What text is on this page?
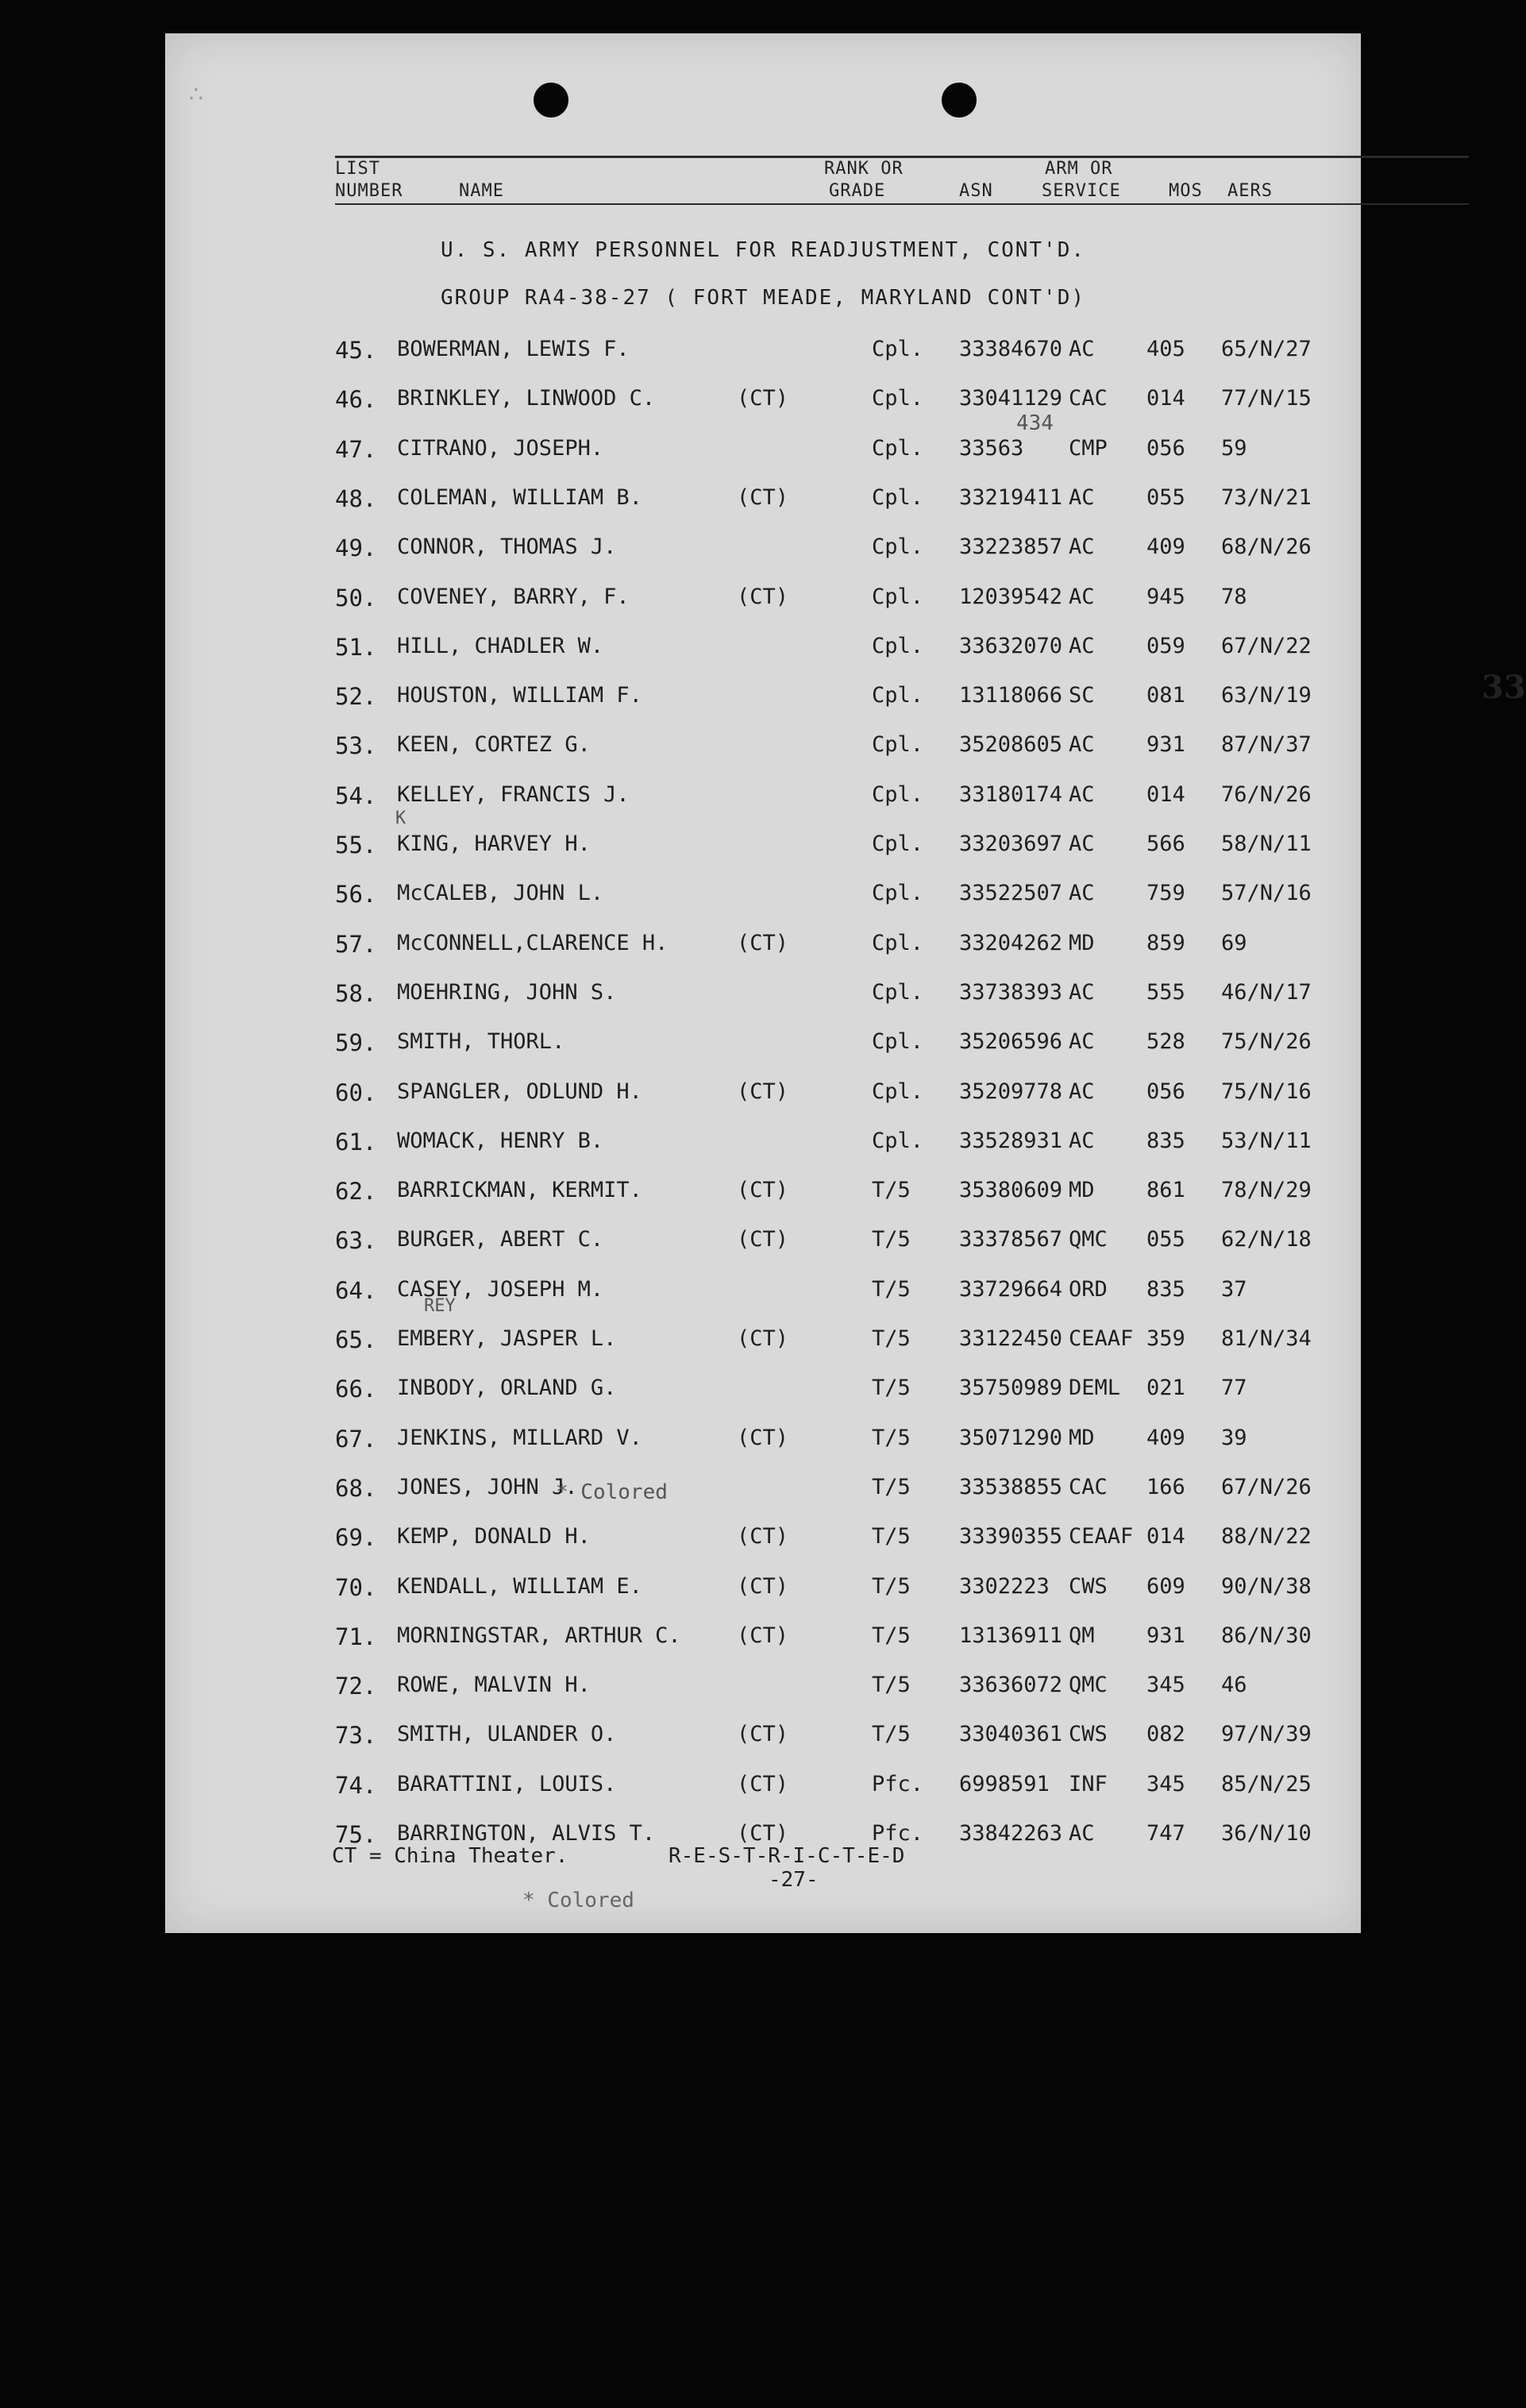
∴
LIST
NUMBER	NAME
RANK OR
GRADE	ASN
ARM OR
SERVICE	MOS AERS
U. S. ARMY PERSONNEL FOR READJUSTMENT, CONT'D.
GROUP RA4-38-27 ( FORT MEADE, MARYLAND CONT'D)
45. BOWERMAN, LEWIS F.	Cpl. 33384670 AC 405 65/N/27
46. BRINKLEY, LINWOOD C.	(CT)	Cpl. 33041129 CAC 014 77/N/15
47. CITRANO, JOSEPH.	Cpl. 33563 CMP 056 59
48. COLEMAN, WILLIAM B.	(CT)	Cpl. 33219411 AC 055 73/N/21
49. CONNOR, THOMAS J.	Cpl. 33223857 AC 409 68/N/26
50. COVENEY, BARRY, F.	(CT)	Cpl. 12039542 AC 945 78
51. HILL, CHADLER W.	Cpl. 33632070 AC 059 67/N/22
52. HOUSTON, WILLIAM F.	Cpl. 13118066 SC 081 63/N/19
53. KEEN, CORTEZ G.	Cpl. 35208605 AC 931 87/N/37
54. KELLEY, FRANCIS J.	Cpl. 33180174 AC 014 76/N/26
55. KING, HARVEY H.	Cpl. 33203697 AC 566 58/N/11
56. McCALEB, JOHN L.	Cpl. 33522507 AC 759 57/N/16
57. McCONNELL,CLARENCE H.	(CT)	Cpl. 33204262 MD 859 69
58. MOEHRING, JOHN S.	Cpl. 33738393 AC 555 46/N/17
59. SMITH, THORL.	Cpl. 35206596 AC 528 75/N/26
60. SPANGLER, ODLUND H.	(CT)	Cpl. 35209778 AC 056 75/N/16
61. WOMACK, HENRY B.	Cpl. 33528931 AC 835 53/N/11
62. BARRICKMAN, KERMIT.	(CT)	T/5 35380609 MD 861 78/N/29
63. BURGER, ABERT C.	(CT)	T/5 33378567 QMC 055 62/N/18
64. CASEY, JOSEPH M.	T/5 33729664 ORD 835 37
65. EMBERY, JASPER L.	(CT)	T/5 33122450 CEAAF 359 81/N/34
66. INBODY, ORLAND G.	T/5 35750989 DEML 021 77
67. JENKINS, MILLARD V.	(CT)	T/5 35071290 MD 409 39
68. JONES, JOHN J.	T/5 33538855 CAC 166 67/N/26
69. KEMP, DONALD H.	(CT)	T/5 33390355 CEAAF 014 88/N/22
70. KENDALL, WILLIAM E.	(CT)	T/5 3302223 CWS 609 90/N/38
71. MORNINGSTAR, ARTHUR C.	(CT)	T/5 13136911 QM 931 86/N/30
72. ROWE, MALVIN H.	T/5 33636072 QMC 345 46
73. SMITH, ULANDER O.	(CT)	T/5 33040361 CWS 082 97/N/39
74. BARATTINI, LOUIS.	(CT)	Pfc. 6998591 INF 345 85/N/25
75. BARRINGTON, ALVIS T.	(CT)	Pfc. 33842263 AC 747 36/N/10
33
434
K
REY
* Colored
CT = China Theater.	R-E-S-T-R-I-C-T-E-D
-27-
* Colored
